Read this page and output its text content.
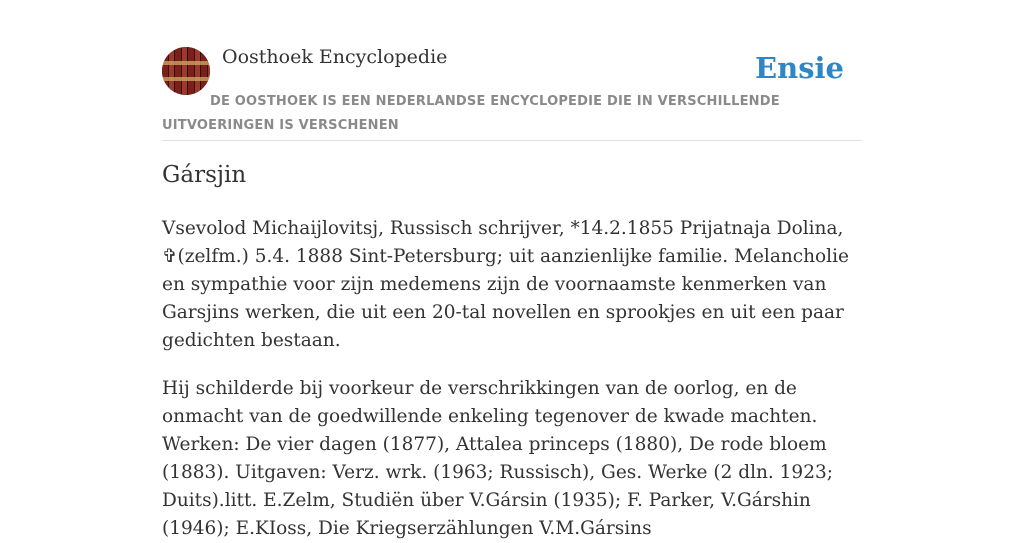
Oosthoek Encyclopedie	Ensie
DE OOSTHOEK IS EEN NEDERLANDSE ENCYCLOPEDIE DIE IN VERSCHILLENDE UITVOERINGEN IS VERSCHENEN
Gársjin

Vsevolod Michaijlovitsj, Russisch schrijver, *14.2.1855 Prijatnaja Dolina, ✞(zelfm.) 5.4. 1888 Sint-Petersburg; uit aanzienlijke familie. Melancholie en sympathie voor zijn medemens zijn de voornaamste kenmerken van Garsjins werken, die uit een 20-tal novellen en sprookjes en uit een paar gedichten bestaan.

Hij schilderde bij voorkeur de verschrikkingen van de oorlog, en de onmacht van de goedwillende enkeling tegenover de kwade machten. Werken: De vier dagen (1877), Attalea princeps (1880), De rode bloem (1883). Uitgaven: Verz. wrk. (1963; Russisch), Ges. Werke (2 dln. 1923; Duits).litt. E.Zelm, Studiën über V.Gársin (1935); F. Parker, V.Gárshin (1946); E.KIoss, Die Kriegserzählungen V.M.Gársins
